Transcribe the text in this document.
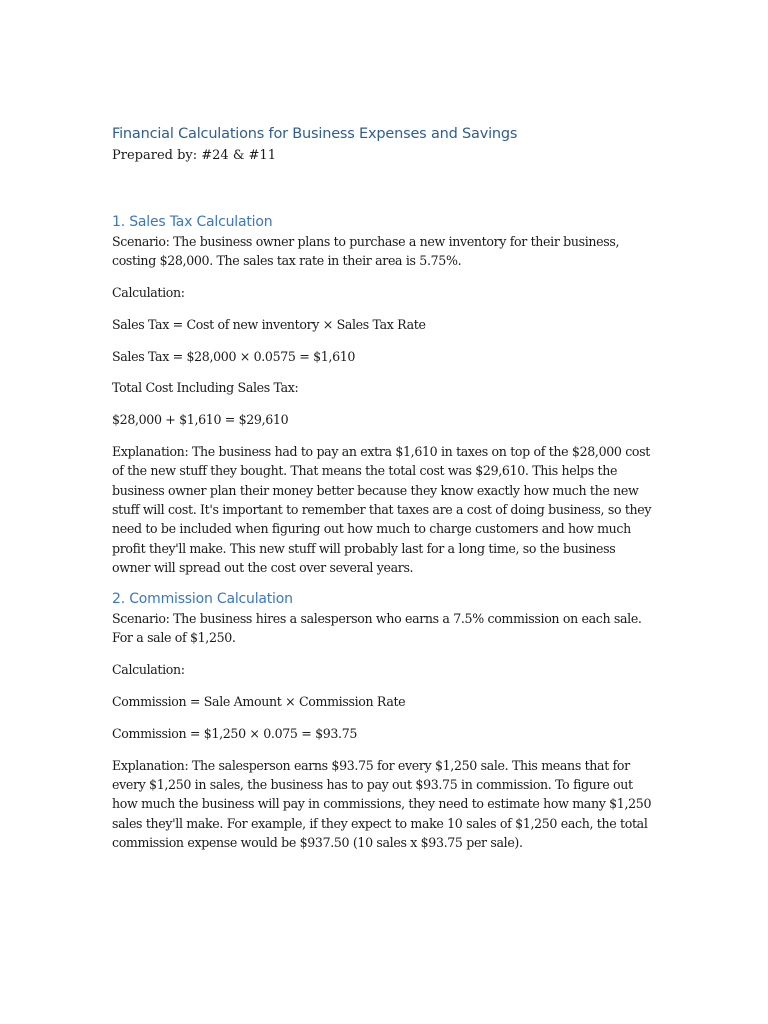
Financial Calculations for Business Expenses and Savings

Prepared by: #24 & #11

1. Sales Tax Calculation

Scenario: The business owner plans to purchase a new inventory for their business, costing $28,000. The sales tax rate in their area is 5.75%.

Calculation:

Sales Tax = Cost of new inventory × Sales Tax Rate

Sales Tax = $28,000 × 0.0575 = $1,610

Total Cost Including Sales Tax:

$28,000 + $1,610 = $29,610

Explanation: The business had to pay an extra $1,610 in taxes on top of the $28,000 cost of the new stuff they bought. That means the total cost was $29,610. This helps the business owner plan their money better because they know exactly how much the new stuff will cost. It's important to remember that taxes are a cost of doing business, so they need to be included when figuring out how much to charge customers and how much profit they'll make. This new stuff will probably last for a long time, so the business owner will spread out the cost over several years.

2. Commission Calculation

Scenario: The business hires a salesperson who earns a 7.5% commission on each sale. For a sale of $1,250.

Calculation:

Commission = Sale Amount × Commission Rate

Commission = $1,250 × 0.075 = $93.75

Explanation: The salesperson earns $93.75 for every $1,250 sale. This means that for every $1,250 in sales, the business has to pay out $93.75 in commission. To figure out how much the business will pay in commissions, they need to estimate how many $1,250 sales they'll make. For example, if they expect to make 10 sales of $1,250 each, the total commission expense would be $937.50 (10 sales x $93.75 per sale).
